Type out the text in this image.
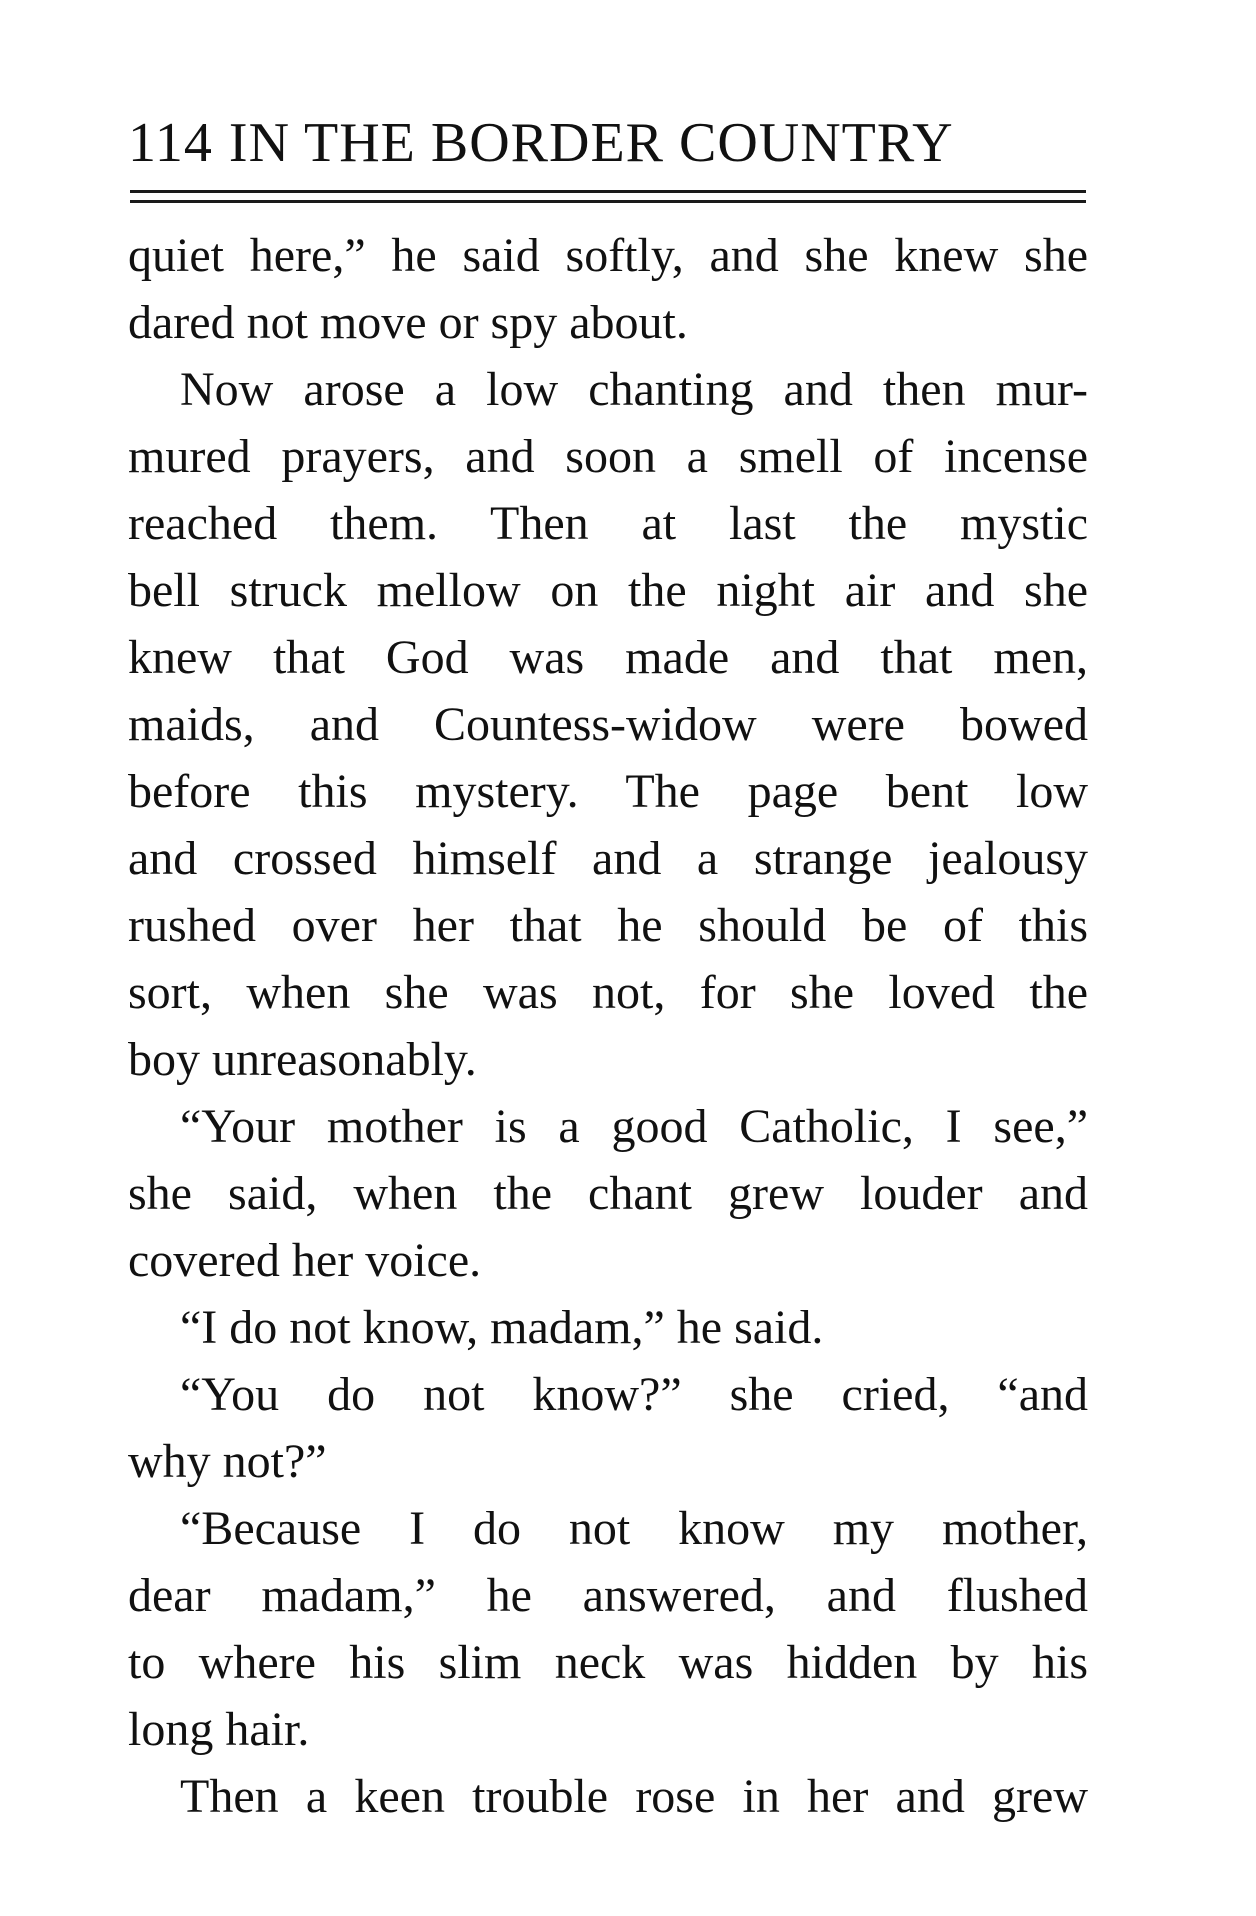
114 IN THE BORDER COUNTRY
quiet here,” he said softly, and she knew she
dared not move or spy about.
Now arose a low chanting and then mur-
mured prayers, and soon a smell of incense
reached them. Then at last the mystic
bell struck mellow on the night air and she
knew that God was made and that men,
maids, and Countess-widow were bowed
before this mystery. The page bent low
and crossed himself and a strange jealousy
rushed over her that he should be of this
sort, when she was not, for she loved the
boy unreasonably.
“Your mother is a good Catholic, I see,”
she said, when the chant grew louder and
covered her voice.
“I do not know, madam,” he said.
“You do not know?” she cried, “and
why not?”
“Because I do not know my mother,
dear madam,” he answered, and flushed
to where his slim neck was hidden by his
long hair.
Then a keen trouble rose in her and grew
